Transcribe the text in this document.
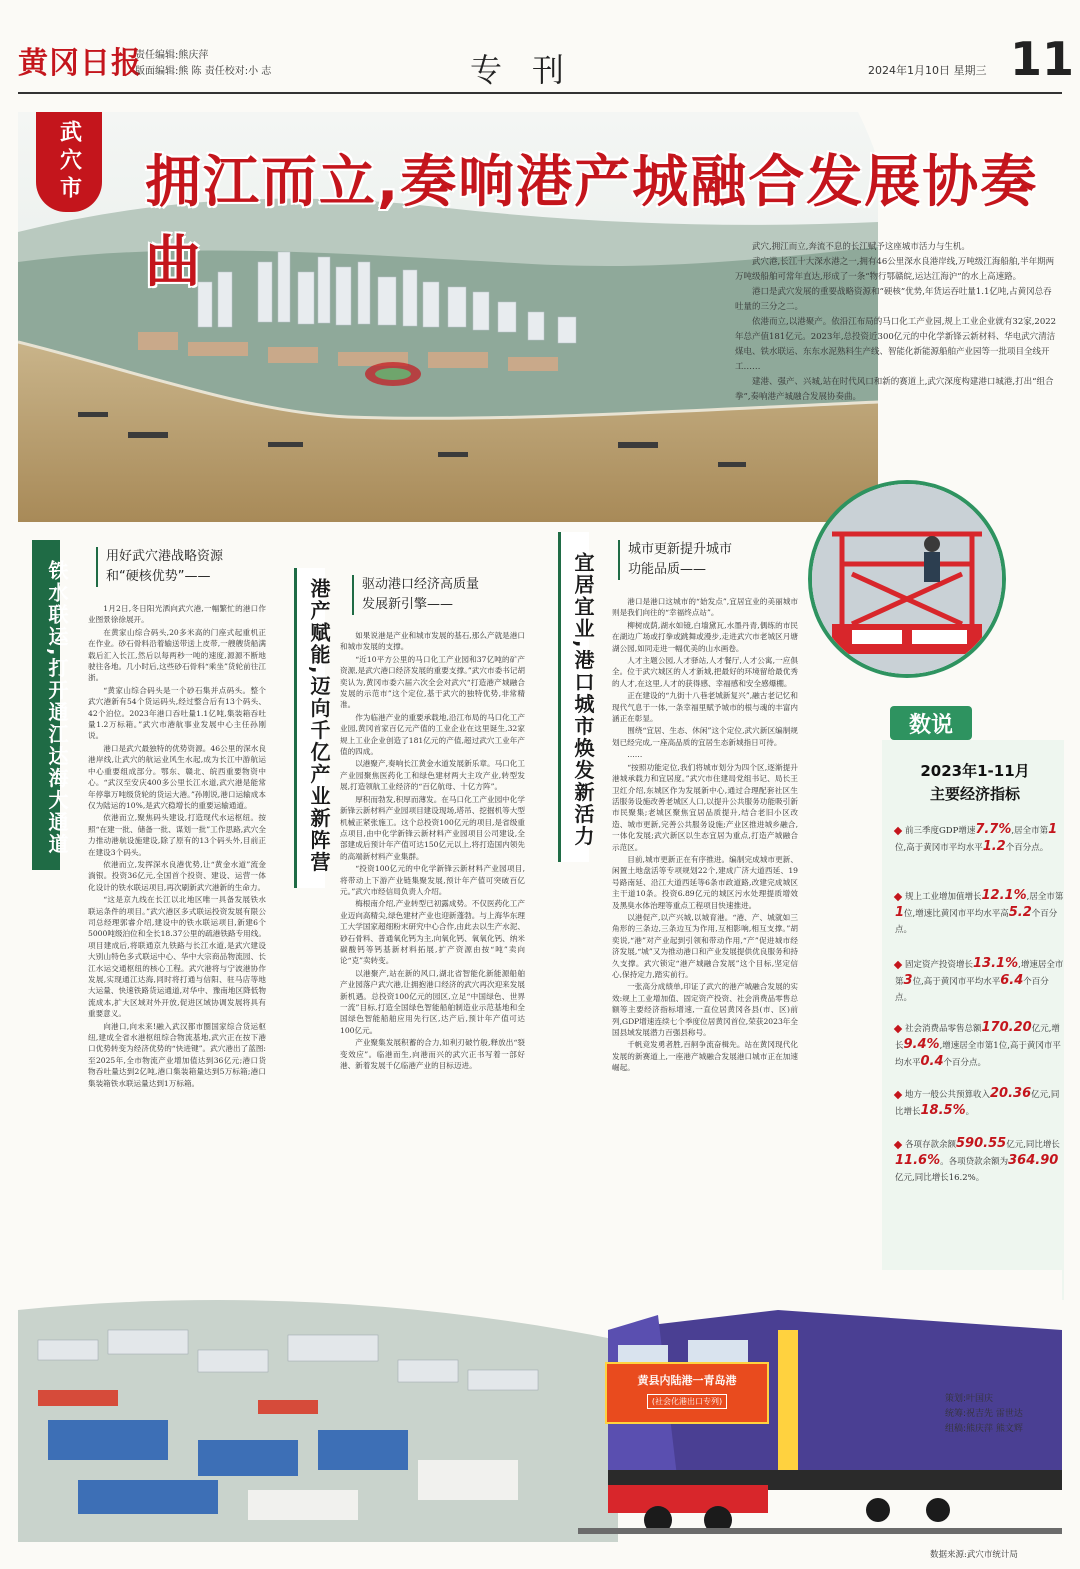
黄冈日报
责任编辑:熊庆萍
版面编辑:熊 陈 责任校对:小 志	专刊	2024年1月10日 星期三 11
武穴市	拥江而立,奏响港产城融合发展协奏曲	武穴,拥江而立,奔流不息的长江赋予这座城市活力与生机。

武穴港,长江十大深水港之一,拥有46公里深水良港岸线,万吨级江海船舶,半年期两万吨级船舶可常年直达,形成了一条“物行鄂赣皖,运达江海沪”的水上高速路。

港口是武穴发展的重要战略资源和“硬核”优势,年货运吞吐量1.1亿吨,占黄冈总吞吐量的三分之二。

依港而立,以港聚产。依沿江布局的马口化工产业园,规上工业企业就有32家,2022年总产值181亿元。2023年,总投资近300亿元的中化学新锋云新材料、华电武穴清洁煤电、铁水联运、东东水泥熟料生产线、智能化新能源船舶产业园等一批项目全线开工……

建港、强产、兴城,站在时代风口和新的赛道上,武穴深度构建港口城港,打出“组合拳”,奏响港产城融合发展协奏曲。

铁水联运,打开通江达海大通道
用好武穴港战略资源
和“硬核优势”——

1月2日,冬日阳光洒向武穴港,一幅繁忙的港口作业图景徐徐展开。

在黄家山综合码头,20多米高的门座式起重机正在作业。砂石骨料沿着输送带送上皮带,一艘艘货船满载后汇入长江,然后以每两秒一吨的速度,源源不断地驶往各地。几小时后,这些砂石骨料“乘坐”货轮前往江浙。

“黄家山综合码头是一个砂石集并点码头。整个武穴港新有54个货运码头,经过整合后有13个码头、42个泊位。2023年港口吞吐量1.1亿吨,集装箱吞吐量1.2万标箱。”武穴市港航事业发展中心主任孙刚说。

港口是武穴最独特的优势资源。46公里的深水良港岸线,让武穴的航运业风生水起,成为长江中游航运中心重要组成部分。鄂东、赣北、皖西重要物资中心。“武汉至安庆400多公里长江水道,武穴港是能常年停靠万吨级货轮的货运大港。”孙刚说,港口运输成本仅为陆运的10%,是武穴稳增长的重要运输通道。

依港而立,聚焦码头建设,打造现代水运枢纽。按照“在建一批、储备一批、谋划一批”工作思路,武穴全力推动港航设施建设,除了原有的13个码头外,目前正在建设3个码头。

依港而立,发挥深水良港优势,让“黄金水道”流金淌银。投资36亿元,全国首个投资、建设、运营一体化设计的铁水联运项目,再次刷新武穴港新的生命力。

“这是京九线在长江以北地区唯一具备发展铁水联运条件的项目。”武穴港区多式联运投资发展有限公司总经理郭睿介绍,建设中的铁水联运项目,新建6个5000吨级泊位和全长18.37公里的疏港铁路专用线。项目建成后,将联通京九铁路与长江水道,是武穴建设大别山特色多式联运中心、华中大宗商品物流园、长江水运交通枢纽的核心工程。武穴港将与宁波港协作发展,实现通江达海,同时将打通与信阳、驻马店等地大运量、快速铁路货运通道,对华中、豫南地区降低物流成本,扩大区域对外开放,促进区域协调发展将具有重要意义。

向港口,向未来!融入武汉都市圈国家综合货运枢纽,建成全省水港枢纽综合物流基地,武穴正在按下港口优势转变为经济优势的“快进键”。武穴港出了蓝图:至2025年,全市物流产业增加值达到36亿元;港口货物吞吐量达到2亿吨,港口集装箱量达到5万标箱;港口集装箱铁水联运量达到1万标箱。

港产赋能,迈向千亿产业新阵营 驱动港口经济高质量
发展新引擎——

如果说港是产业和城市发展的基石,那么产就是港口和城市发展的支撑。

“近10平方公里的马口化工产业园和37亿吨的矿产资源,是武穴港口经济发展的重要支撑。”武穴市委书记胡奕认为,黄冈市委六届六次全会对武穴“打造港产城融合发展的示范市”这个定位,基于武穴的独特优势,非常精准。

作为临港产业的重要承载地,沿江布局的马口化工产业园,黄冈首家百亿元产值的工业企业在这里诞生,32家规上工业企业创造了181亿元的产值,超过武穴工业年产值的四成。

以港聚产,奏响长江黄金水道发展新乐章。马口化工产业园聚焦医药化工和绿色建材两大主攻产业,转型发展,打造领航工业经济的“百亿航母、十亿方阵”。

厚积而勃发,积厚而薄发。在马口化工产业园中化学新锋云新材料产业园项目建设现场,塔吊、挖掘机等大型机械正紧张施工。这个总投资100亿元的项目,是省级重点项目,由中化学新锋云新材料产业园项目公司建设,全部建成后预计年产值可达150亿元以上,将打造国内领先的高端新材料产业集群。

“投资100亿元的中化学新锋云新材料产业园项目,将带动上下游产业链集聚发展,预计年产值可突破百亿元。”武穴市经信局负责人介绍。

梅根南介绍,产业转型已初露成势。不仅医药化工产业迈向高精尖,绿色建材产业也迎新蓬勃。与上海华东理工大学国家超细粉末研究中心合作,由此去以生产水泥、砂石骨料、普通氧化钙为主,向氧化钙、氧氧化钙、纳米碳酸钙等钙基新材料拓展,扩产资源由按“吨”卖向论“克”卖转变。

以港聚产,站在新的风口,湖北省智能化新能源船舶产业园落户武穴港,让拥抱港口经济的武穴再次迎来发展新机遇。总投资100亿元的园区,立足“中国绿色、世界一流”目标,打造全国绿色智能船舶制造业示范基地和全国绿色智能船舶应用先行区,达产后,预计年产值可达100亿元。

产业聚集发展积蓄的合力,如利刃破竹般,释放出“裂变效应”。临港而生,向港而兴的武穴正书写着一部好港、新着发展千亿临港产业的目标迈进。

宜居宜业,港口城市焕发新活力
城市更新提升城市
功能品质——

港口是港口这城市的“始发点”,宜居宜业的美丽城市则是我们向往的“幸福终点站”。

柳树成荫,湖水如镜,白墙黛瓦,水墨丹青,偶练的市民在湖边广场或打拳或跳舞或漫步,走进武穴市老城区月塘湖公园,如同走进一幅优美的山水画卷。

人才主题公园,人才驿站,人才餐厅,人才公寓,一应俱全。位于武穴城区的人才新城,把最好的环境留给最优秀的人才,在这里,人才的获得感、幸福感和安全感爆棚。

正在建设的“九街十八巷老城新复兴”,融古老记忆和现代气息于一体,一条幸福里赋予城市的根与魂的丰富内涵正在彰显。

围绕“宜居、生态、休闲”这个定位,武穴新区编制规划已经完成,一座高品质的宜居生态新城指日可待。

……

“按照功能定位,我们将城市划分为四个区,逐渐提升港城承载力和宜居度。”武穴市住建局党组书记、局长王卫红介绍,东城区作为发展新中心,通过合理配套社区生活服务设施改善老城区人口,以提升公共服务功能吸引新市民聚集;老城区聚焦宜居品质提升,结合老旧小区改造、城市更新,完善公共服务设施;产业区推进城乡融合,一体化发展;武穴新区以生态宜居为重点,打造产城融合示范区。

目前,城市更新正在有序推进。编制完成城市更新、闲置土地盘活等专项规划22个,建成广济大道西延、19号路南延、沿江大道西延等6条市政道路,改建完成城区主干道10条。投资6.89亿元的城区污水处理提质增效及黑臭水体治理等重点工程项目快速推进。

以港促产,以产兴城,以城育港。“港、产、城就如三角形的三条边,三条边互为作用,互相影响,相互支撑。”胡奕说,“港”对产业起到引领和带动作用,“产”促进城市经济发展,“城”又为推动港口和产业发展提供优良服务和持久支撑。武穴锁定“港产城融合发展”这个目标,坚定信心,保持定力,踏实前行。

一张高分成绩单,印证了武穴的港产城融合发展的实效:规上工业增加值、固定资产投资、社会消费品零售总额等主要经济指标增速,一直位居黄冈各县(市、区)前列,GDP增速连续七个季度位居黄冈首位,荣获2023年全国县域发展潜力百强县称号。

千帆竞发勇者胜,百舸争流奋楫先。站在黄冈现代化发展的新赛道上,一座港产城融合发展港口城市正在加速崛起。

数说
2023年1-11月
主要经济指标
前三季度GDP增速7.7%,居全市第1位,高于黄冈市平均水平1.2个百分点。
规上工业增加值增长12.1%,居全市第1位,增速比黄冈市平均水平高5.2个百分点。
固定资产投资增长13.1%,增速居全市第3位,高于黄冈市平均水平6.4个百分点。
社会消费品零售总额170.20亿元,增长9.4%,增速居全市第1位,高于黄冈市平均水平0.4个百分点。
地方一般公共预算收入20.36亿元,同比增长18.5%。
各项存款余额590.55亿元,同比增长11.6%。各项贷款余额为364.90亿元,同比增长16.2%。
黄县内陆港一青岛港
(社会化港出口专列)	策划:叶国庆
统筹:祝吉先 雷世达
组稿:熊庆萍 熊文辉
数据来源:武穴市统计局
